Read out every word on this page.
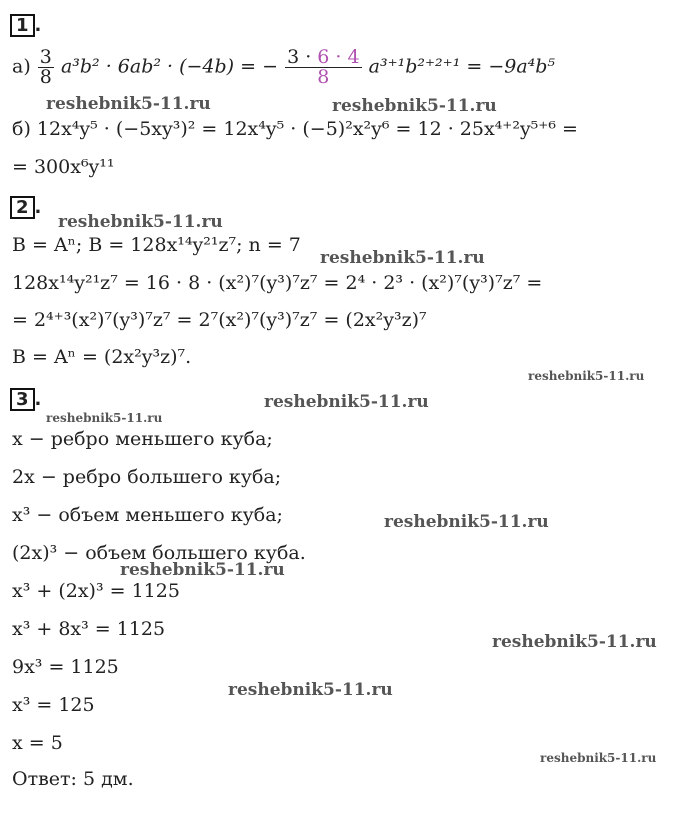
1 .
2 .
3 .
$а) \frac{3}{8} a^3b^2 \cdot 6ab^2 \cdot (-4b)$ = − $\frac{3 \cdot 6 \cdot 4}{8} a^{3+1}b^{2+2+1} = -9a^4b^5$
б) 12x⁴y⁵ · (−5xy³)² = 12x⁴y⁵ · (−5)²x²y⁶ = 12 · 25x⁴⁺²y⁵⁺⁶ =
= 300x⁶y¹¹
B = Aⁿ; B = 128x¹⁴y²¹z⁷; n = 7
128x¹⁴y²¹z⁷ = 16 · 8 · (x²)⁷(y³)⁷z⁷ = 2⁴ · 2³ · (x²)⁷(y³)⁷z⁷ =
= 2⁴⁺³(x²)⁷(y³)⁷z⁷ = 2⁷(x²)⁷(y³)⁷z⁷ = (2x²y³z)⁷
B = Aⁿ = (2x²y³z)⁷.
x − ребро меньшего куба;
2x − ребро большего куба;
x³ − объем меньшего куба;
(2x)³ − объем большего куба.
x³ + (2x)³ = 1125
x³ + 8x³ = 1125
9x³ = 1125
x³ = 125
x = 5
Ответ: 5 дм.
reshebnik5-11.ru	reshebnik5-11.ru
reshebnik5-11.ru
reshebnik5-11.ru
reshebnik5-11.ru
reshebnik5-11.ru
reshebnik5-11.ru
reshebnik5-11.ru
reshebnik5-11.ru
reshebnik5-11.ru
reshebnik5-11.ru
reshebnik5-11.ru
